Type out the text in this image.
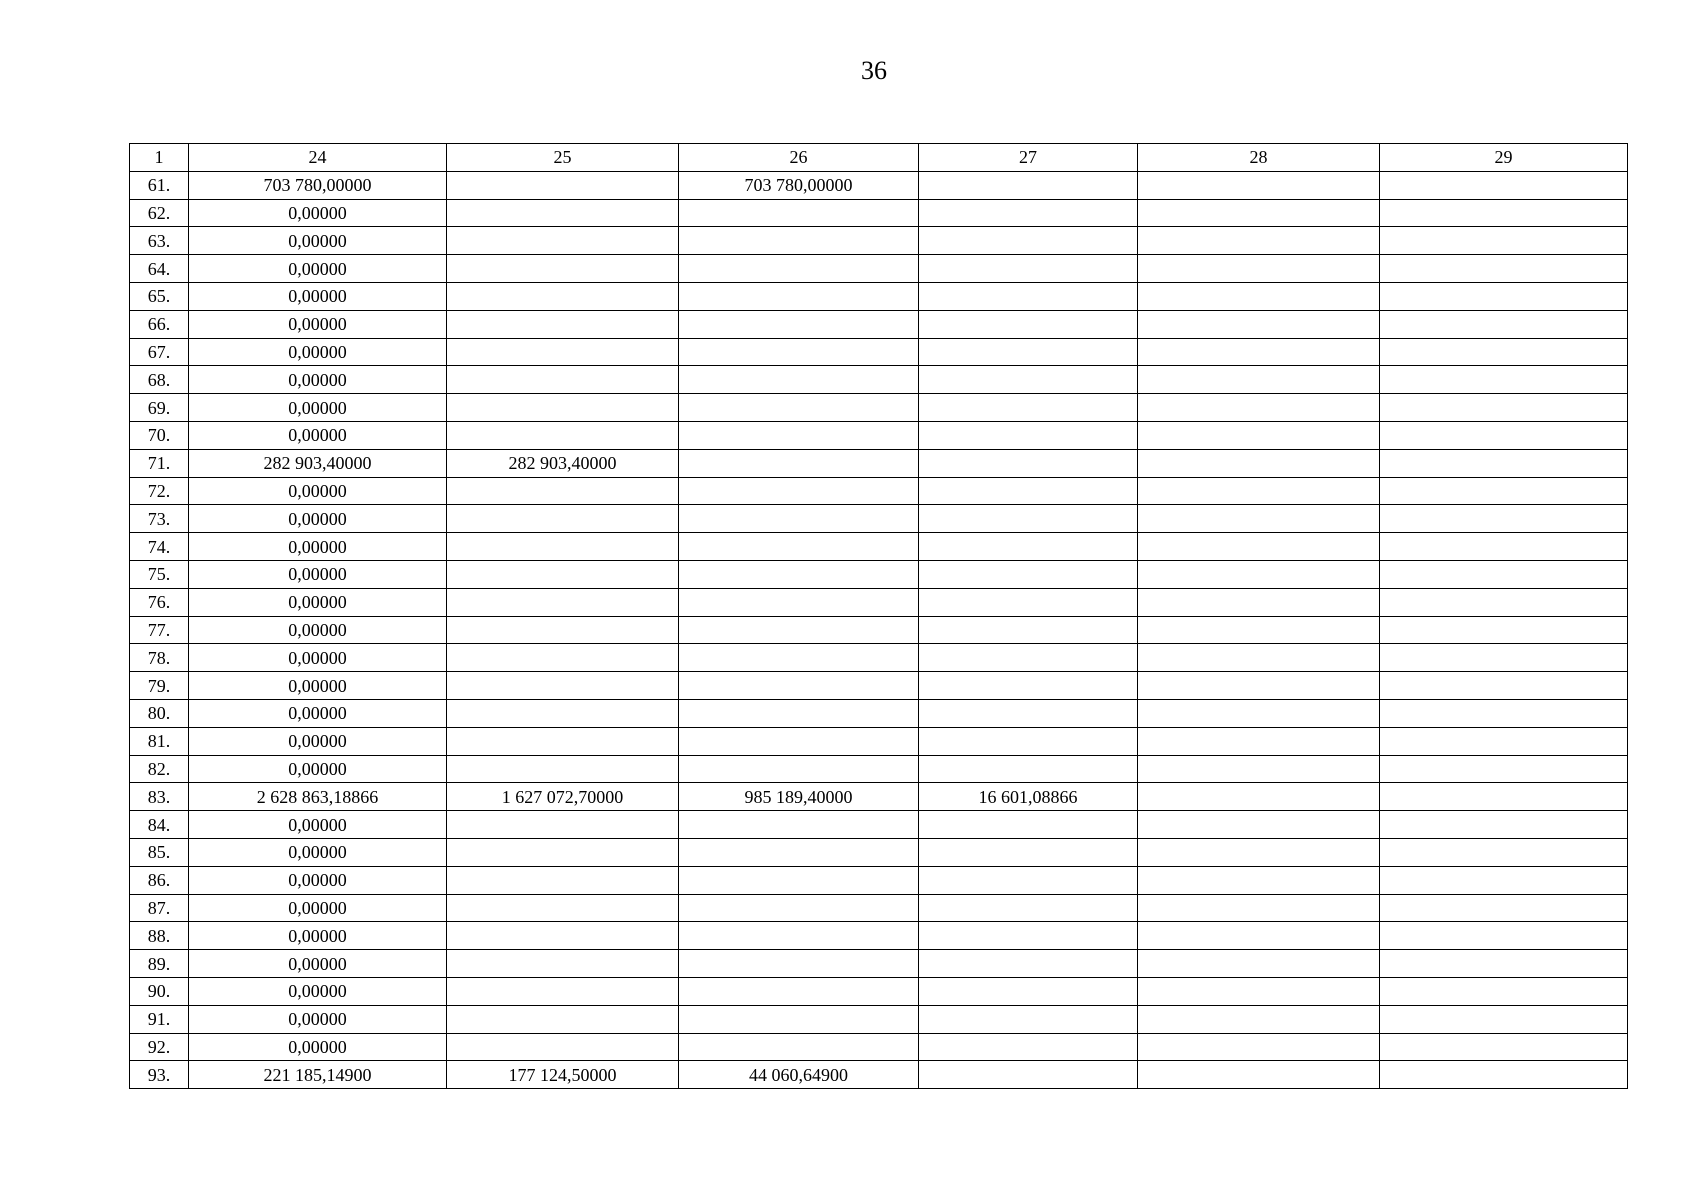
36
1	24	25	26	27	28	29
61.	703 780,00000		703 780,00000			
62.	0,00000					
63.	0,00000					
64.	0,00000					
65.	0,00000					
66.	0,00000					
67.	0,00000					
68.	0,00000					
69.	0,00000					
70.	0,00000					
71.	282 903,40000	282 903,40000				
72.	0,00000					
73.	0,00000					
74.	0,00000					
75.	0,00000					
76.	0,00000					
77.	0,00000					
78.	0,00000					
79.	0,00000					
80.	0,00000					
81.	0,00000					
82.	0,00000					
83.	2 628 863,18866	1 627 072,70000	985 189,40000	16 601,08866		
84.	0,00000					
85.	0,00000					
86.	0,00000					
87.	0,00000					
88.	0,00000					
89.	0,00000					
90.	0,00000					
91.	0,00000					
92.	0,00000					
93.	221 185,14900	177 124,50000	44 060,64900			
